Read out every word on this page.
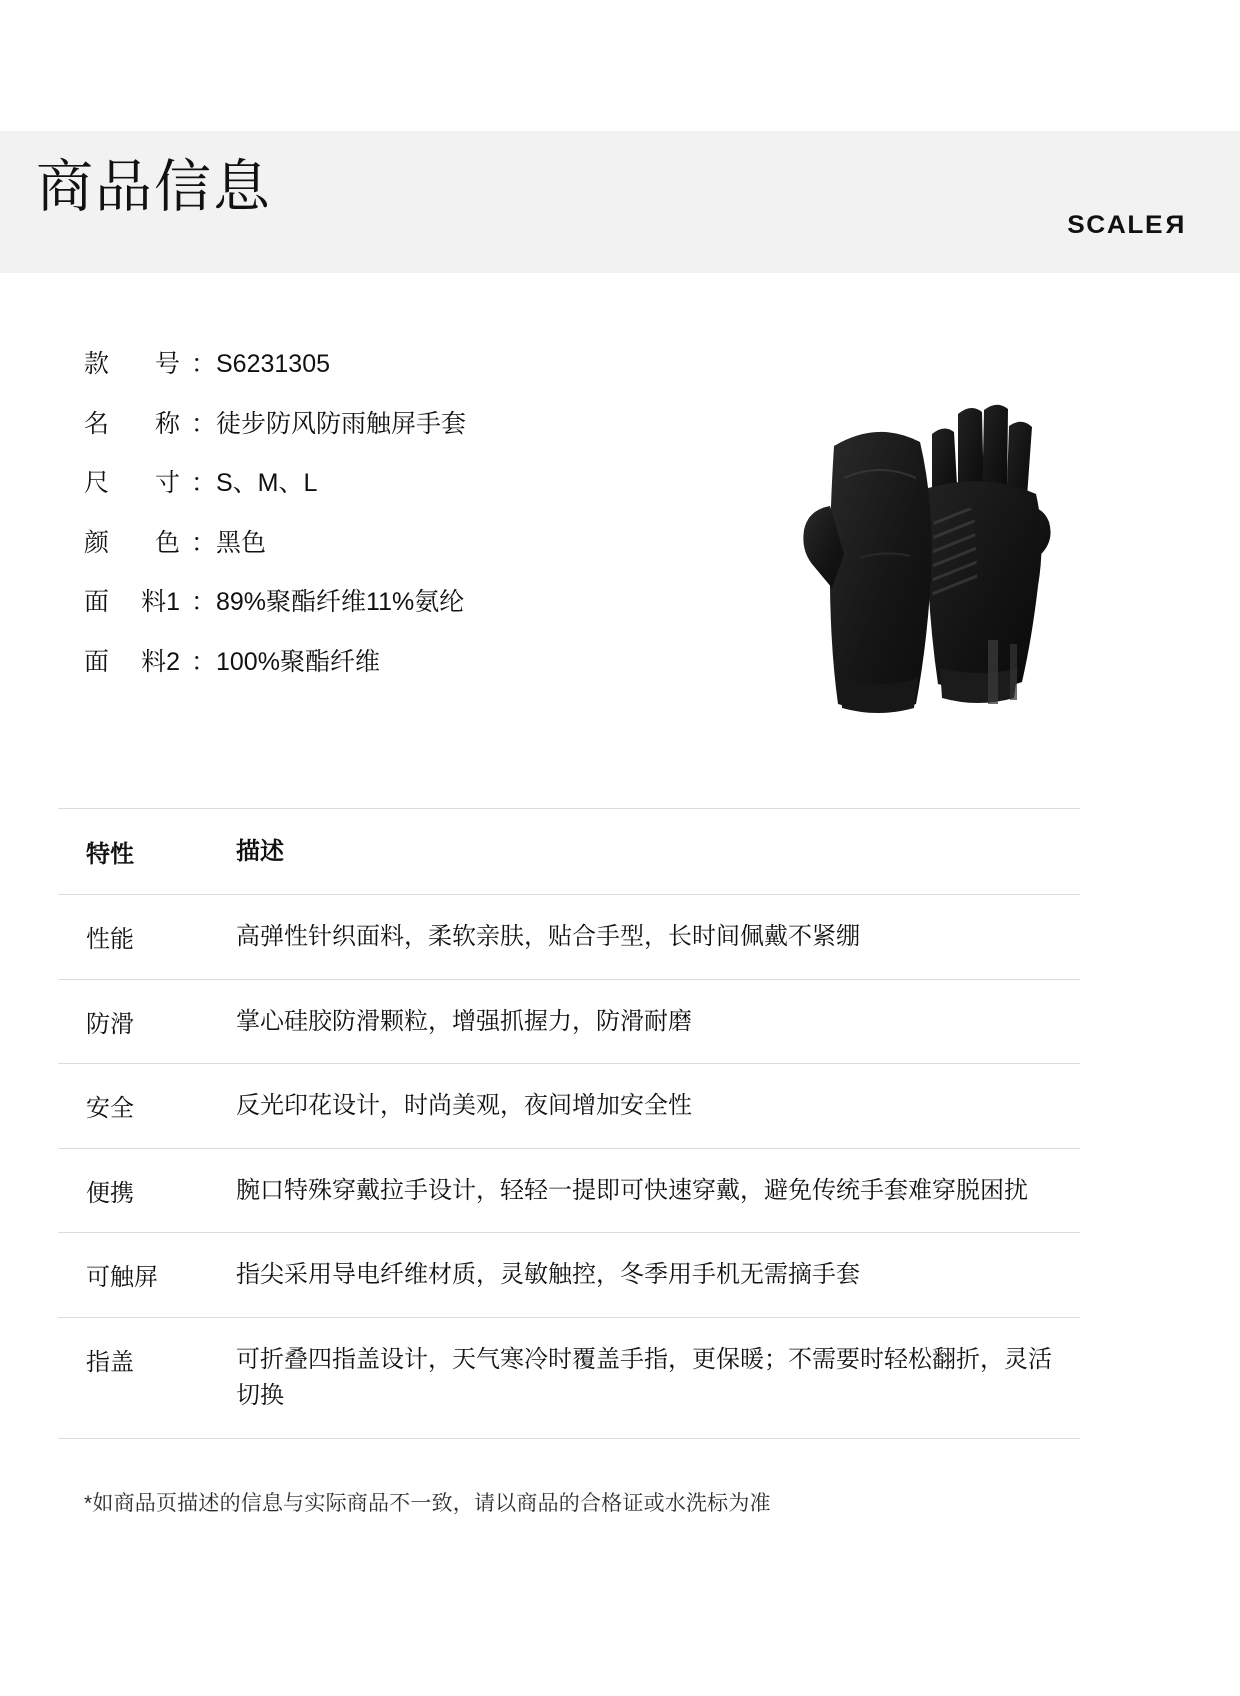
商品信息
SCALER
款 号 ： S6231305
名 称 ： 徒步防风防雨触屏手套
尺 寸 ： S、M、L
颜 色 ： 黑色
面 料1 ： 89%聚酯纤维11%氨纶
面 料2 ： 100%聚酯纤维
特性	描述
性能	高弹性针织面料，柔软亲肤，贴合手型，长时间佩戴不紧绷
防滑	掌心硅胶防滑颗粒，增强抓握力，防滑耐磨
安全	反光印花设计，时尚美观，夜间增加安全性
便携	腕口特殊穿戴拉手设计，轻轻一提即可快速穿戴，避免传统手套难穿脱困扰
可触屏	指尖采用导电纤维材质，灵敏触控，冬季用手机无需摘手套
指盖	可折叠四指盖设计，天气寒冷时覆盖手指，更保暖；不需要时轻松翻折，灵活切换
*如商品页描述的信息与实际商品不一致，请以商品的合格证或水洗标为准
